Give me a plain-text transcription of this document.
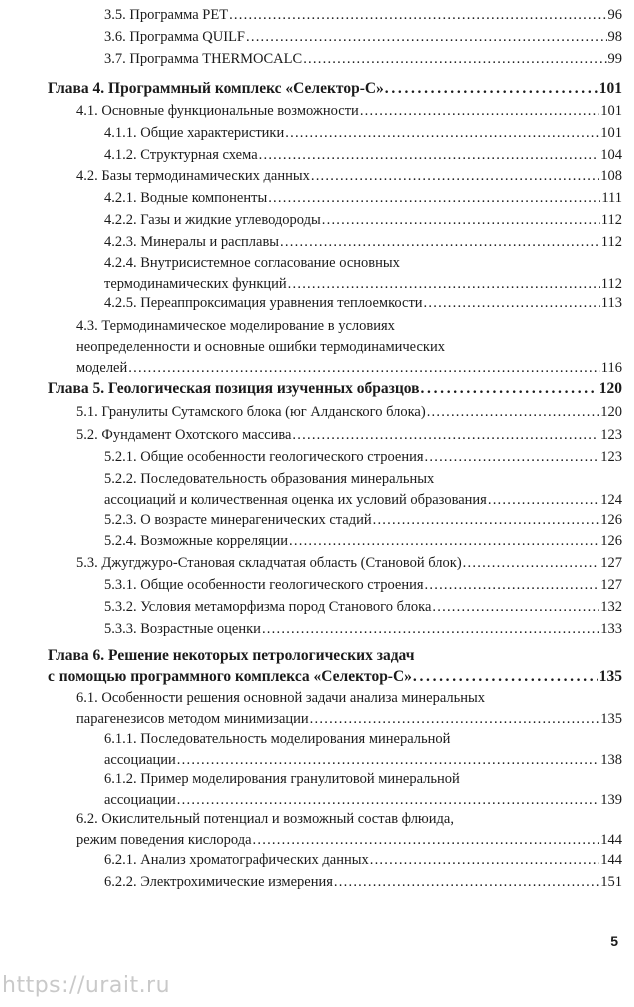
3.5. Программа PET . . .	96
3.6. Программа QUILF . . .	98
3.7. Программа THERMOCALC . . .	99
Глава 4. Программный комплекс «Селектор-С» . . .	101
4.1. Основные функциональные возможности . . .	101
4.1.1. Общие характеристики . . .	101
4.1.2. Структурная схема . . .	104
4.2. Базы термодинамических данных . . .	108
4.2.1. Водные компоненты . . .	111
4.2.2. Газы и жидкие углеводороды . . .	112
4.2.3. Минералы и расплавы . . .	112
4.2.4. Внутрисистемное согласование основных
термодинамических функций . . .	112
4.2.5. Переаппроксимация уравнения теплоемкости . . .	113
4.3. Термодинамическое моделирование в условиях
неопределенности и основные ошибки термодинамических
моделей . . .	116
Глава 5. Геологическая позиция изученных образцов . . .	120
5.1. Гранулиты Сутамского блока (юг Алданского блока) . . .	120
5.2. Фундамент Охотского массива . . .	123
5.2.1. Общие особенности геологического строения . . .	123
5.2.2. Последовательность образования минеральных
ассоциаций и количественная оценка их условий образования . . .	124
5.2.3. О возрасте минерагенических стадий . . .	126
5.2.4. Возможные корреляции . . .	126
5.3. Джугджуро-Становая складчатая область (Становой блок) . . .	127
5.3.1. Общие особенности геологического строения . . .	127
5.3.2. Условия метаморфизма пород Станового блока . . .	132
5.3.3. Возрастные оценки . . .	133
Глава 6. Решение некоторых петрологических задач
с помощью программного комплекса «Селектор-С» . . .	135
6.1. Особенности решения основной задачи анализа минеральных
парагенезисов методом минимизации . . .	135
6.1.1. Последовательность моделирования минеральной
ассоциации . . .	138
6.1.2. Пример моделирования гранулитовой минеральной
ассоциации . . .	139
6.2. Окислительный потенциал и возможный состав флюида,
режим поведения кислорода . . .	144
6.2.1. Анализ хроматографических данных . . .	144
6.2.2. Электрохимические измерения . . .	151
5
https://urait.ru
